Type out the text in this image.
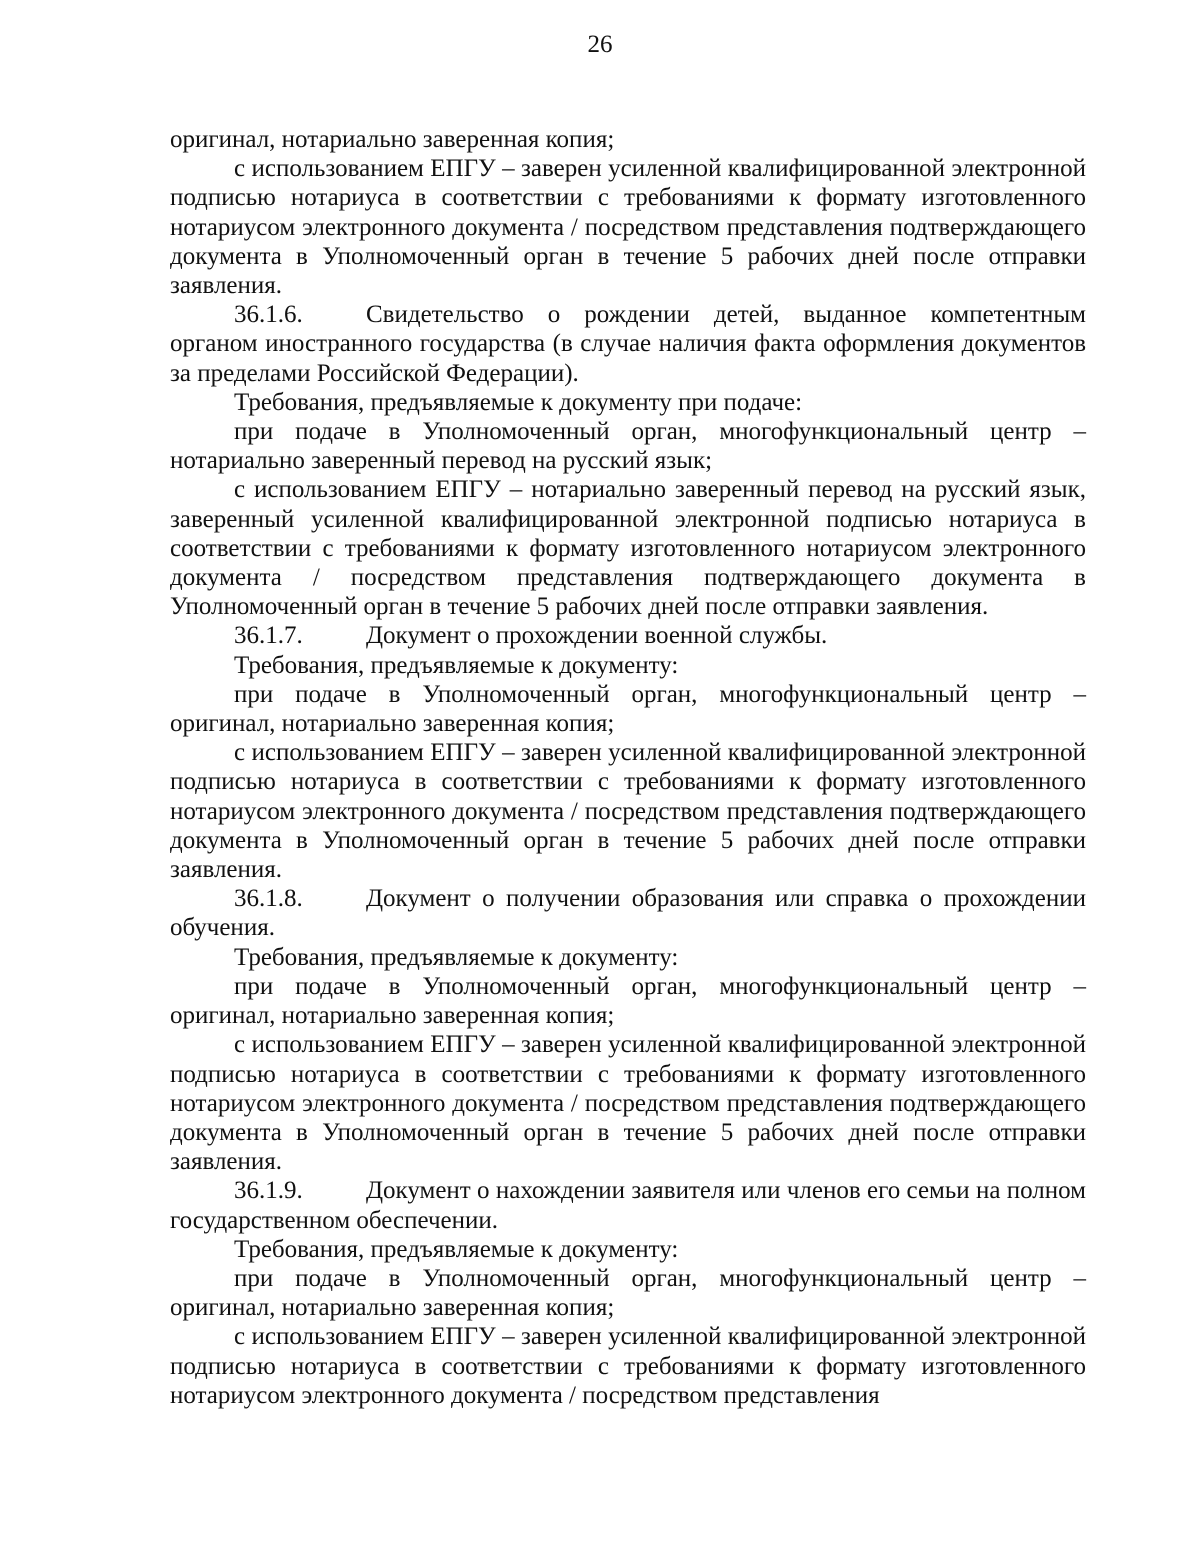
26

оригинал, нотариально заверенная копия;

с использованием ЕПГУ – заверен усиленной квалифицированной электронной подписью нотариуса в соответствии с требованиями к формату изготовленного нотариусом электронного документа / посредством представления подтверждающего документа в Уполномоченный орган в течение 5 рабочих дней после отправки заявления.

36.1.6.	Свидетельство о рождении детей, выданное компетентным органом иностранного государства (в случае наличия факта оформления документов за пределами Российской Федерации).

Требования, предъявляемые к документу при подаче:

при подаче в Уполномоченный орган, многофункциональный центр – нотариально заверенный перевод на русский язык;

с использованием ЕПГУ – нотариально заверенный перевод на русский язык, заверенный усиленной квалифицированной электронной подписью нотариуса в соответствии с требованиями к формату изготовленного нотариусом электронного документа / посредством представления подтверждающего документа в Уполномоченный орган в течение 5 рабочих дней после отправки заявления.

36.1.7.	Документ о прохождении военной службы.

Требования, предъявляемые к документу:

при подаче в Уполномоченный орган, многофункциональный центр – оригинал, нотариально заверенная копия;

с использованием ЕПГУ – заверен усиленной квалифицированной электронной подписью нотариуса в соответствии с требованиями к формату изготовленного нотариусом электронного документа / посредством представления подтверждающего документа в Уполномоченный орган в течение 5 рабочих дней после отправки заявления.

36.1.8.	Документ о получении образования или справка о прохождении обучения.

Требования, предъявляемые к документу:

при подаче в Уполномоченный орган, многофункциональный центр – оригинал, нотариально заверенная копия;

с использованием ЕПГУ – заверен усиленной квалифицированной электронной подписью нотариуса в соответствии с требованиями к формату изготовленного нотариусом электронного документа / посредством представления подтверждающего документа в Уполномоченный орган в течение 5 рабочих дней после отправки заявления.

36.1.9.	Документ о нахождении заявителя или членов его семьи на полном государственном обеспечении.

Требования, предъявляемые к документу:

при подаче в Уполномоченный орган, многофункциональный центр – оригинал, нотариально заверенная копия;

с использованием ЕПГУ – заверен усиленной квалифицированной электронной подписью нотариуса в соответствии с требованиями к формату изготовленного нотариусом электронного документа / посредством представления
